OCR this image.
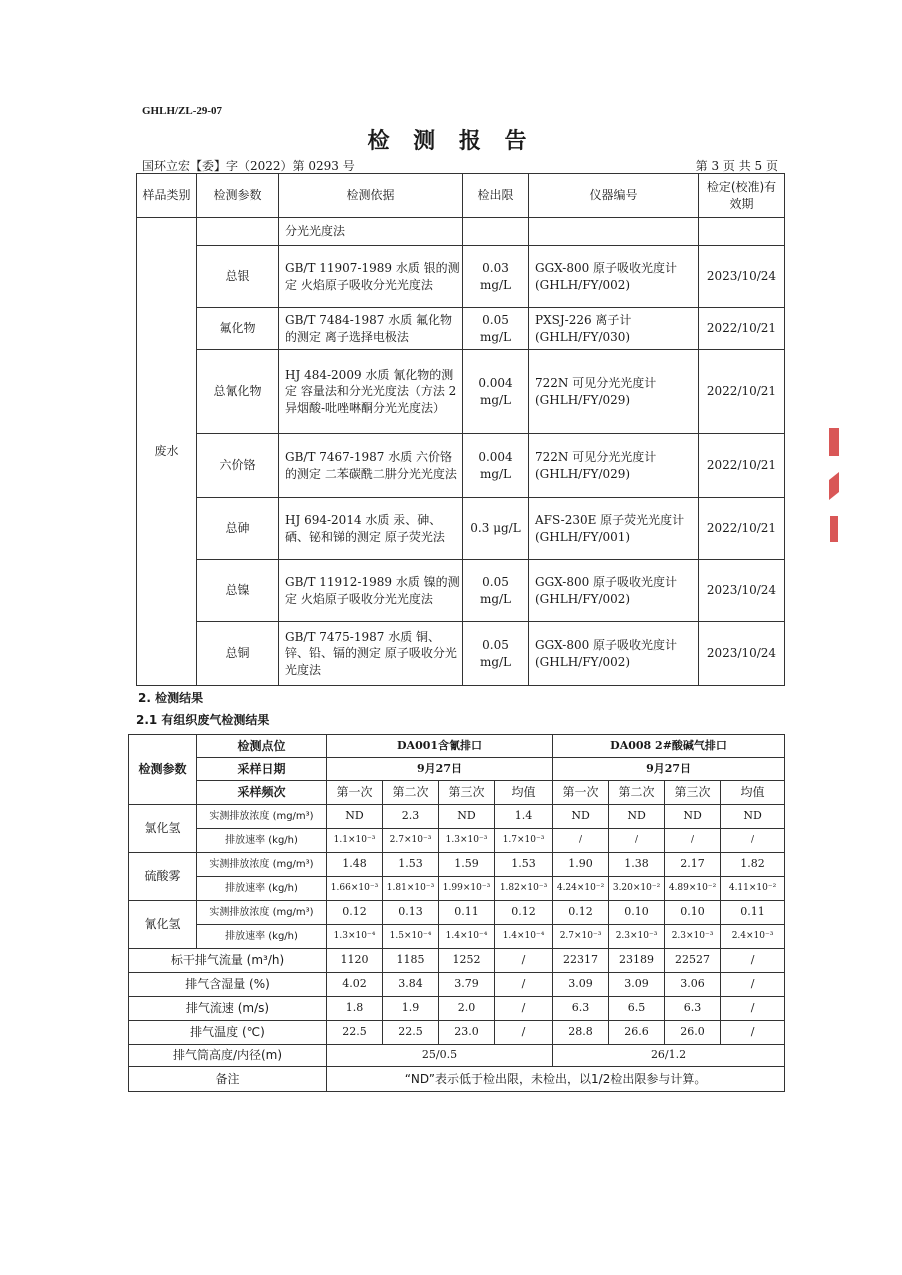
GHLH/ZL-29-07
检 测 报 告
国环立宏【委】字（2022）第 0293 号	第 3 页 共 5 页
样品类别	检测参数	检测依据	检出限	仪器编号	检定(校准)有效期
废水		分光光度法			
	总银	GB/T 11907-1989 水质 银的测定 火焰原子吸收分光光度法	0.03 mg/L	GGX-800 原子吸收光度计(GHLH/FY/002)	2023/10/24
	氟化物	GB/T 7484-1987 水质 氟化物的测定 离子选择电极法	0.05 mg/L	PXSJ-226 离子计 (GHLH/FY/030)	2022/10/21
	总氰化物	HJ 484-2009 水质 氰化物的测定 容量法和分光光度法（方法 2 异烟酸-吡唑啉酮分光光度法）	0.004 mg/L	722N 可见分光光度计 (GHLH/FY/029)	2022/10/21
	六价铬	GB/T 7467-1987 水质 六价铬的测定 二苯碳酰二肼分光光度法	0.004 mg/L	722N 可见分光光度计 (GHLH/FY/029)	2022/10/21
	总砷	HJ 694-2014 水质 汞、砷、硒、铋和锑的测定 原子荧光法	0.3 μg/L	AFS-230E 原子荧光光度计(GHLH/FY/001)	2022/10/21
	总镍	GB/T 11912-1989 水质 镍的测定 火焰原子吸收分光光度法	0.05 mg/L	GGX-800 原子吸收光度计(GHLH/FY/002)	2023/10/24
	总铜	GB/T 7475-1987 水质 铜、锌、铅、镉的测定 原子吸收分光光度法	0.05 mg/L	GGX-800 原子吸收光度计(GHLH/FY/002)	2023/10/24
2. 检测结果
2.1 有组织废气检测结果
检测参数	检测点位	DA001含氰排口				DA008 2#酸碱气排口			
	采样日期	9月27日				9月27日			
	采样频次	第一次	第二次	第三次	均值	第一次	第二次	第三次	均值
氯化氢	实测排放浓度 (mg/m³)	ND	2.3	ND	1.4	ND	ND	ND	ND
	排放速率 (kg/h)	1.1×10⁻³	2.7×10⁻³	1.3×10⁻³	1.7×10⁻³	/	/	/	/
硫酸雾	实测排放浓度 (mg/m³)	1.48	1.53	1.59	1.53	1.90	1.38	2.17	1.82
	排放速率 (kg/h)	1.66×10⁻³	1.81×10⁻³	1.99×10⁻³	1.82×10⁻³	4.24×10⁻²	3.20×10⁻²	4.89×10⁻²	4.11×10⁻²
氰化氢	实测排放浓度 (mg/m³)	0.12	0.13	0.11	0.12	0.12	0.10	0.10	0.11
	排放速率 (kg/h)	1.3×10⁻⁴	1.5×10⁻⁴	1.4×10⁻⁴	1.4×10⁻⁴	2.7×10⁻³	2.3×10⁻³	2.3×10⁻³	2.4×10⁻³
标干排气流量 (m³/h)		1120	1185	1252	/	22317	23189	22527	/
排气含湿量 (%)		4.02	3.84	3.79	/	3.09	3.09	3.06	/
排气流速 (m/s)		1.8	1.9	2.0	/	6.3	6.5	6.3	/
排气温度 (℃)		22.5	22.5	23.0	/	28.8	26.6	26.0	/
排气筒高度/内径(m)		25/0.5				26/1.2			
备注		“ND”表示低于检出限，未检出，以1/2检出限参与计算。							
